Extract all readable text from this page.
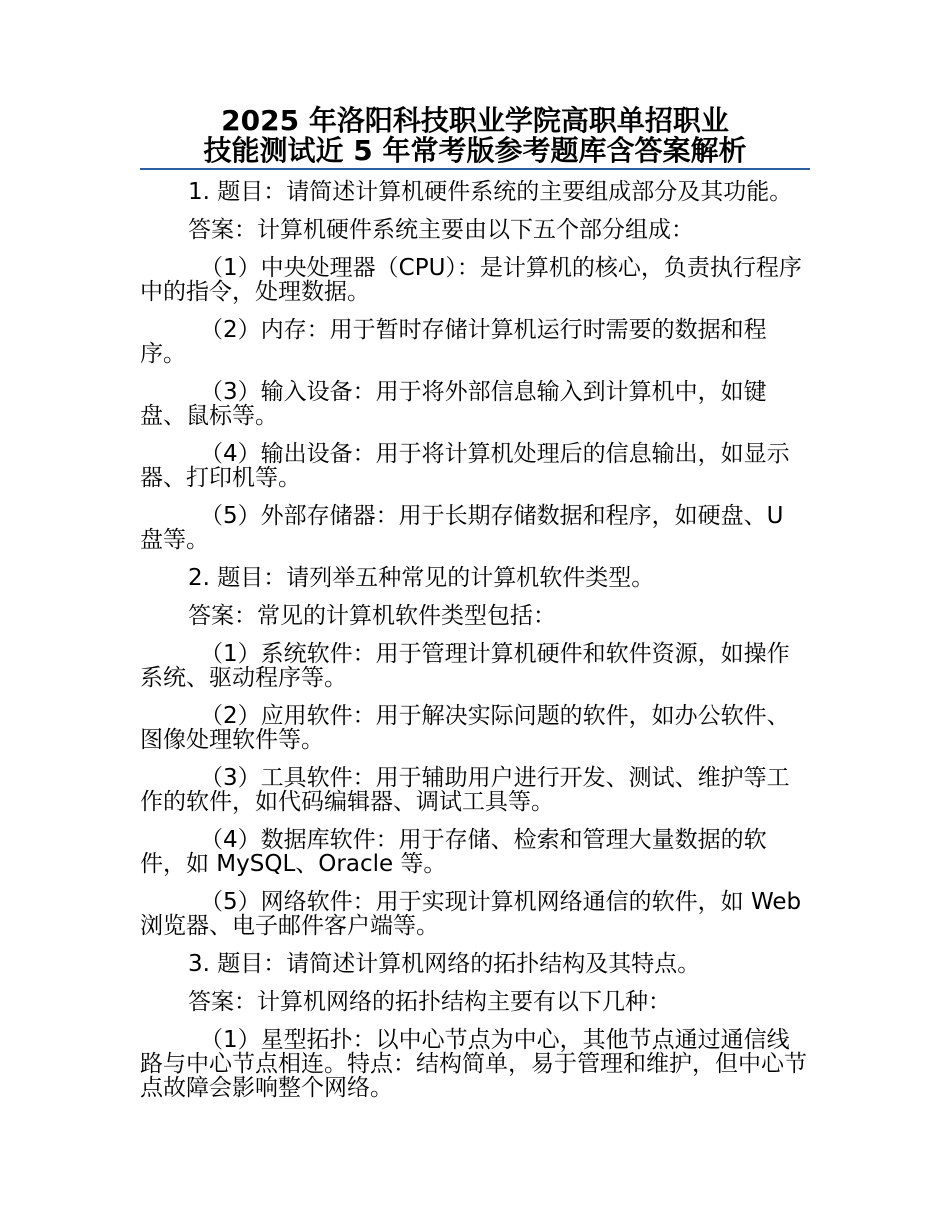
2025 年洛阳科技职业学院高职单招职业
技能测试近 5 年常考版参考题库含答案解析

1. 题目：请简述计算机硬件系统的主要组成部分及其功能。

答案：计算机硬件系统主要由以下五个部分组成：

（1）中央处理器（CPU）：是计算机的核心，负责执行程序中的指令，处理数据。

（2）内存：用于暂时存储计算机运行时需要的数据和程序。

（3）输入设备：用于将外部信息输入到计算机中，如键盘、鼠标等。

（4）输出设备：用于将计算机处理后的信息输出，如显示器、打印机等。

（5）外部存储器：用于长期存储数据和程序，如硬盘、U 盘等。

2. 题目：请列举五种常见的计算机软件类型。

答案：常见的计算机软件类型包括：

（1）系统软件：用于管理计算机硬件和软件资源，如操作系统、驱动程序等。

（2）应用软件：用于解决实际问题的软件，如办公软件、图像处理软件等。

（3）工具软件：用于辅助用户进行开发、测试、维护等工作的软件，如代码编辑器、调试工具等。

（4）数据库软件：用于存储、检索和管理大量数据的软件，如 MySQL、Oracle 等。

（5）网络软件：用于实现计算机网络通信的软件，如 Web 浏览器、电子邮件客户端等。

3. 题目：请简述计算机网络的拓扑结构及其特点。

答案：计算机网络的拓扑结构主要有以下几种：

（1）星型拓扑：以中心节点为中心，其他节点通过通信线路与中心节点相连。特点：结构简单，易于管理和维护，但中心节点故障会影响整个网络。
